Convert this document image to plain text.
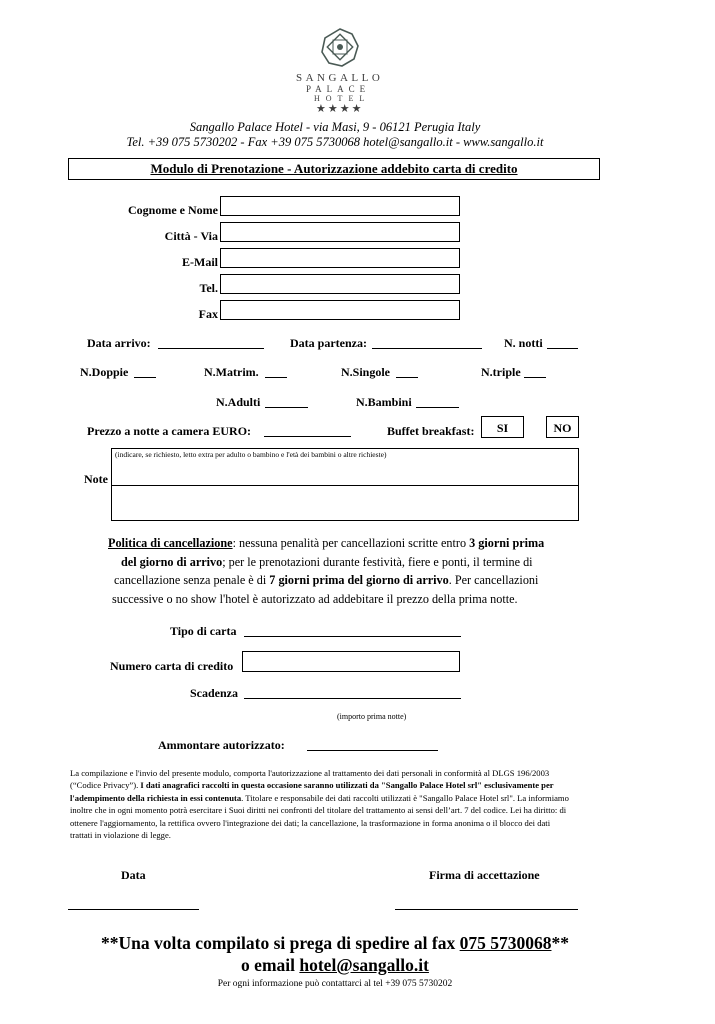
SANGALLO
PALACE
HOTEL
★★★★
Sangallo Palace Hotel - via Masi, 9 - 06121 Perugia Italy
Tel. +39 075 5730202 - Fax +39 075 5730068 hotel@sangallo.it - www.sangallo.it
Modulo di Prenotazione - Autorizzazione addebito carta di credito
Cognome e Nome
Città - Via
E-Mail
Tel.
Fax
Data arrivo:	Data partenza:	N. notti
N.Doppie	N.Matrim.	N.Singole	N.triple
N.Adulti	N.Bambini
Prezzo a notte a camera EURO:	Buffet breakfast:	SI	NO
Note
(indicare, se richiesto, letto extra per adulto o bambino e l'età dei bambini o altre richieste)
Politica di cancellazione: nessuna penalità per cancellazioni scritte entro 3 giorni prima
del giorno di arrivo; per le prenotazioni durante festività, fiere e ponti, il termine di
cancellazione senza penale è di 7 giorni prima del giorno di arrivo. Per cancellazioni
successive o no show l'hotel è autorizzato ad addebitare il prezzo della prima notte.
Tipo di carta
Numero carta di credito
Scadenza
(importo prima notte)
Ammontare autorizzato:
La compilazione e l'invio del presente modulo, comporta l'autorizzazione al trattamento dei dati personali in conformità al DLGS 196/2003
(“Codice Privacy”). I dati anagrafici raccolti in questa occasione saranno utilizzati da "Sangallo Palace Hotel srl" esclusivamente per
l'adempimento della richiesta in essi contenuta. Titolare e responsabile dei dati raccolti utilizzati è "Sangallo Palace Hotel srl". La informiamo
inoltre che in ogni momento potrà esercitare i Suoi diritti nei confronti del titolare del trattamento ai sensi dell’art. 7 del codice. Lei ha diritto: di
ottenere l'aggiornamento, la rettifica ovvero l'integrazione dei dati; la cancellazione, la trasformazione in forma anonima o il blocco dei dati
trattati in violazione di legge.
Data	Firma di accettazione
**Una volta compilato si prega di spedire al fax 075 5730068**
o email hotel@sangallo.it
Per ogni informazione può contattarci al tel +39 075 5730202
